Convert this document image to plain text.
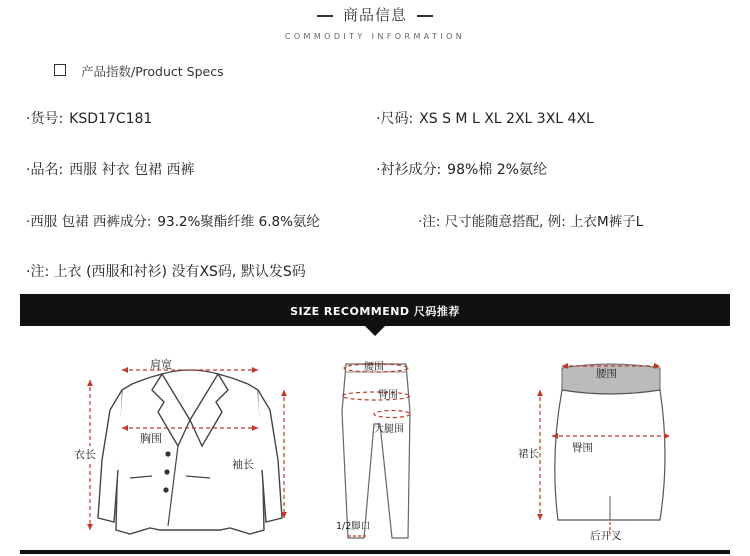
商品信息
COMMODITY INFORMATION
产品指数/Product Specs
·货号: KSD17C181	·尺码: XS S M L XL 2XL 3XL 4XL
·品名: 西服 衬衣 包裙 西裤	·衬衫成分: 98%棉 2%氨纶
·西服 包裙 西裤成分: 93.2%聚酯纤维 6.8%氨纶	·注: 尺寸能随意搭配, 例: 上衣M裤子L
·注: 上衣 (西服和衬衫) 没有XS码, 默认发S码
SIZE RECOMMEND 尺码推荐
肩宽
胸围
衣长
袖长
腰围
臀围
大腿围
1/2脚口
腰围
臀围
裙长
后开叉
